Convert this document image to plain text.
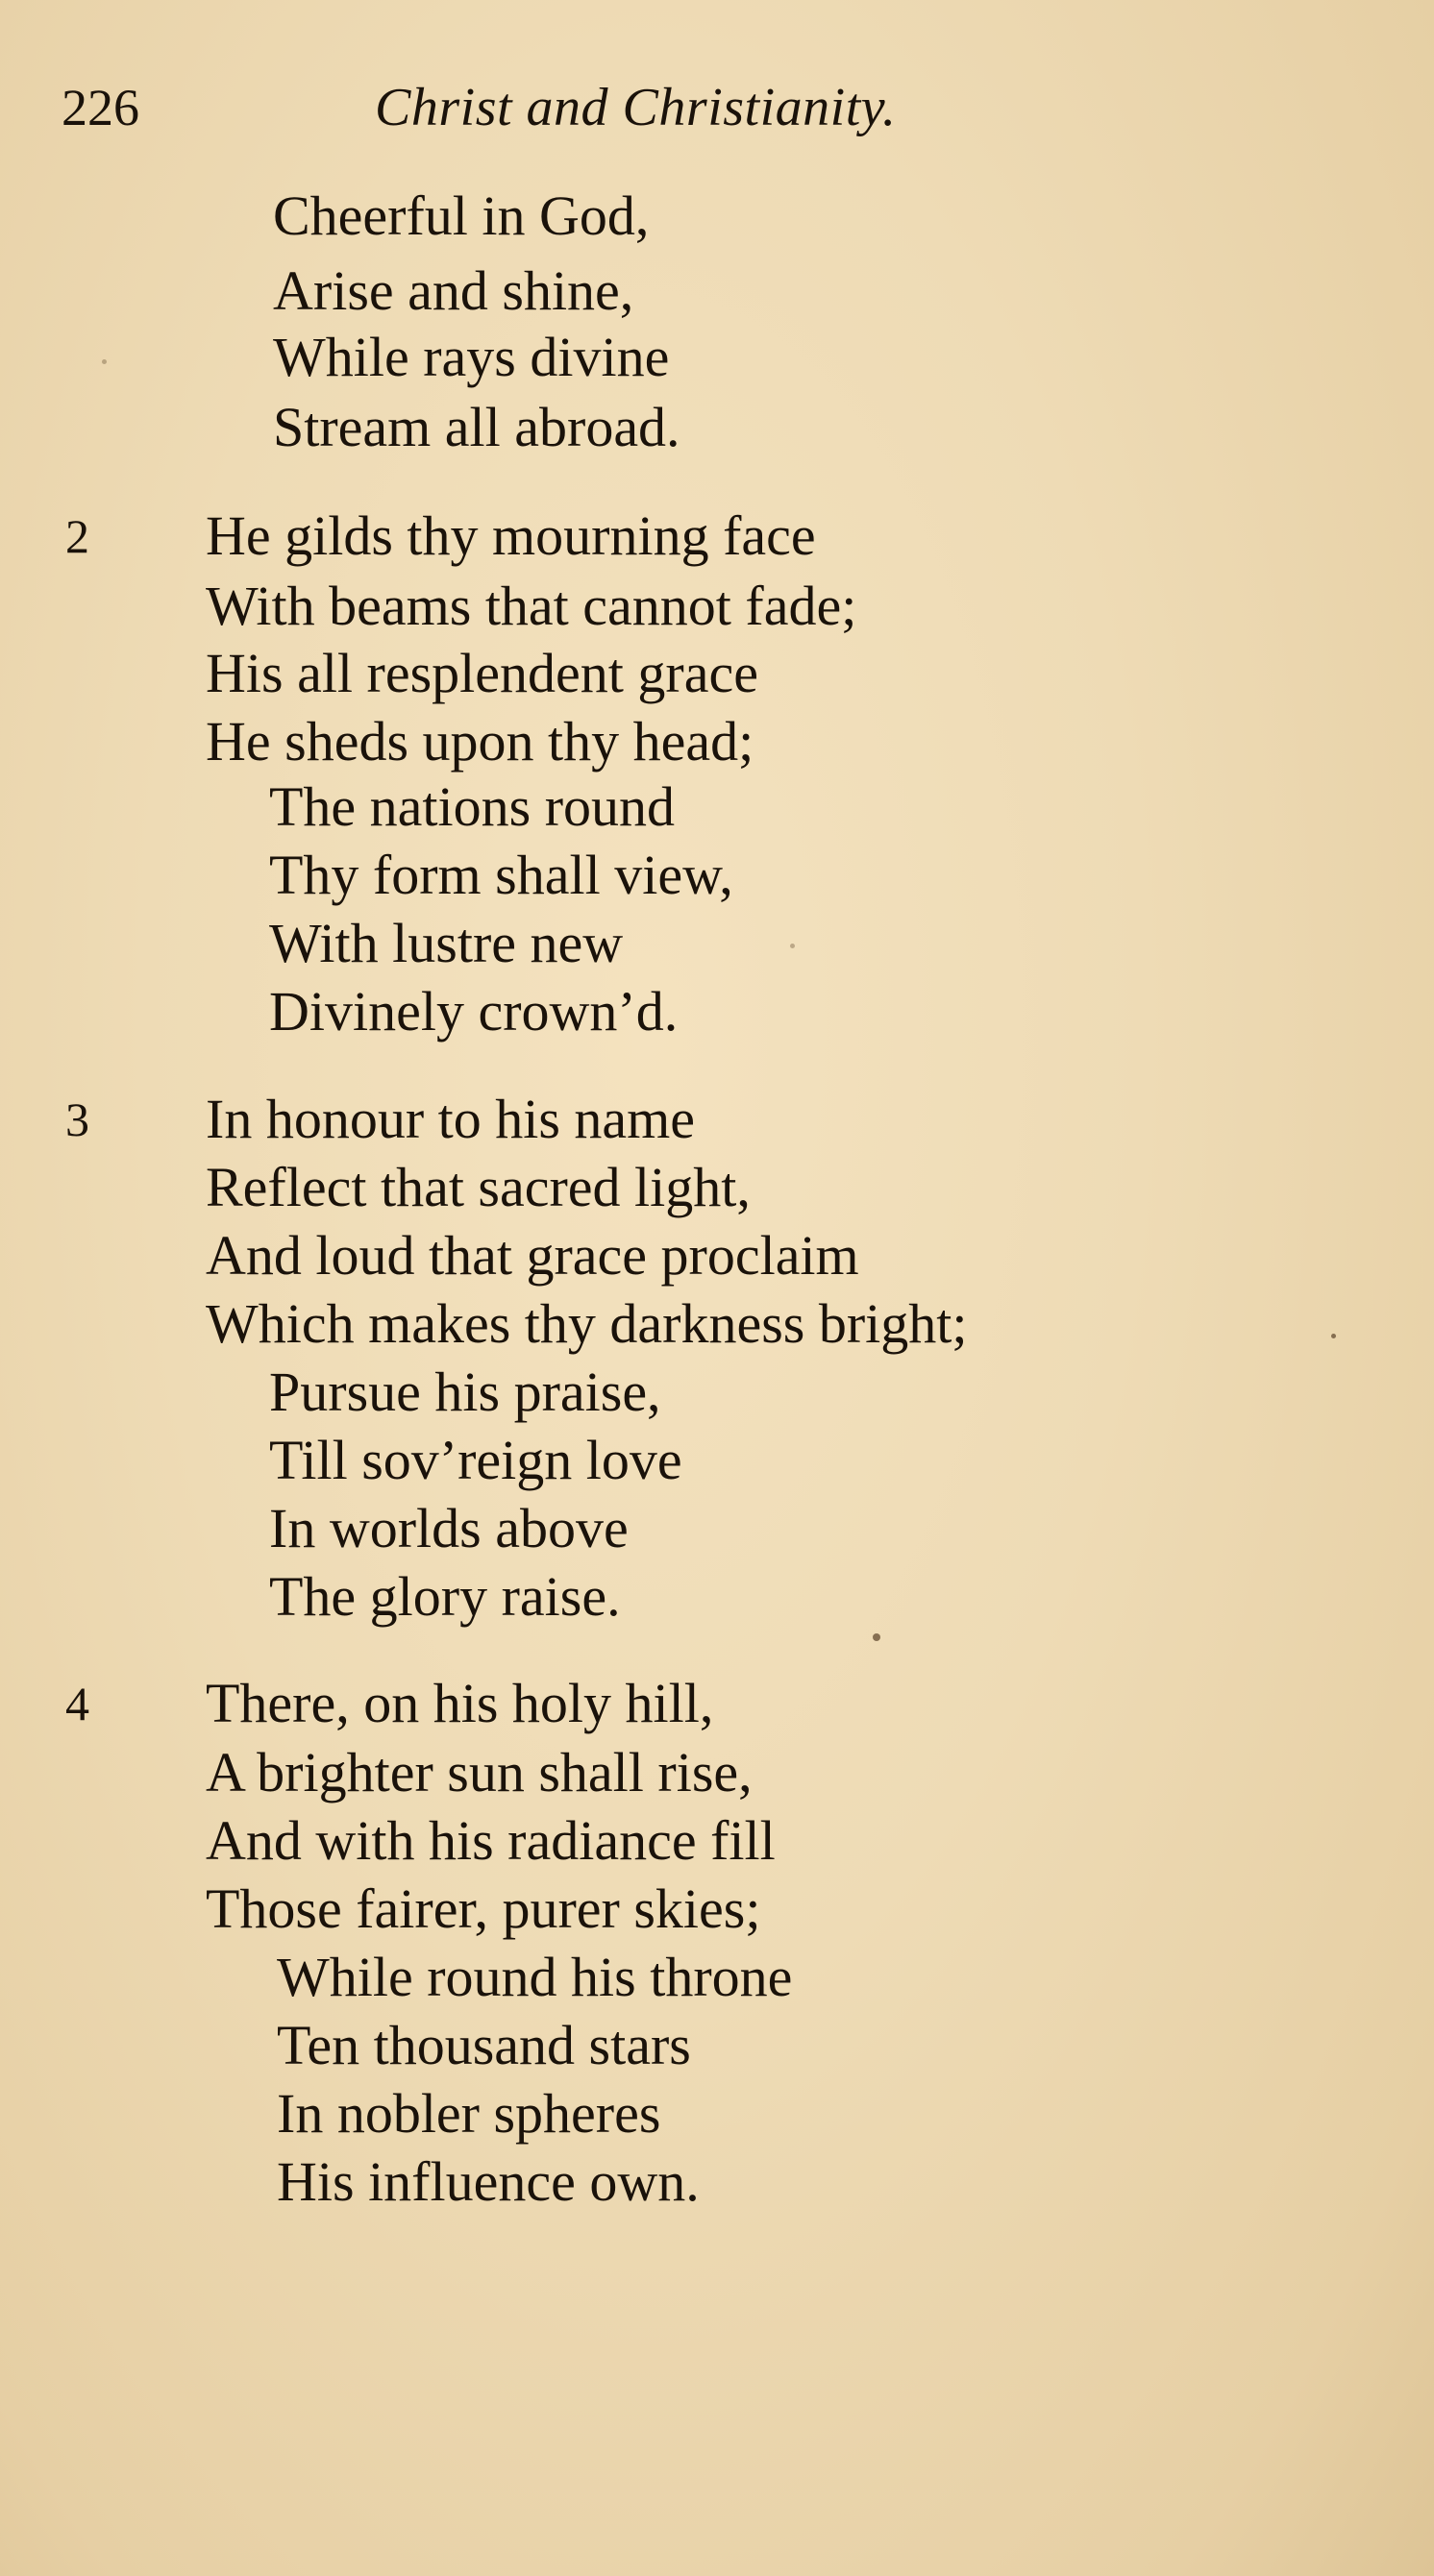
226	Christ and Christianity.
Cheerful in God,
Arise and shine,
While rays divine
Stream all abroad.
2 He gilds thy mourning face
With beams that cannot fade;
His all resplendent grace
He sheds upon thy head;
The nations round
Thy form shall view,
With lustre new
Divinely crown’d.
3 In honour to his name
Reflect that sacred light,
And loud that grace proclaim
Which makes thy darkness bright;
Pursue his praise,
Till sov’reign love
In worlds above
The glory raise.
4 There, on his holy hill,
A brighter sun shall rise,
And with his radiance fill
Those fairer, purer skies;
While round his throne
Ten thousand stars
In nobler spheres
His influence own.
